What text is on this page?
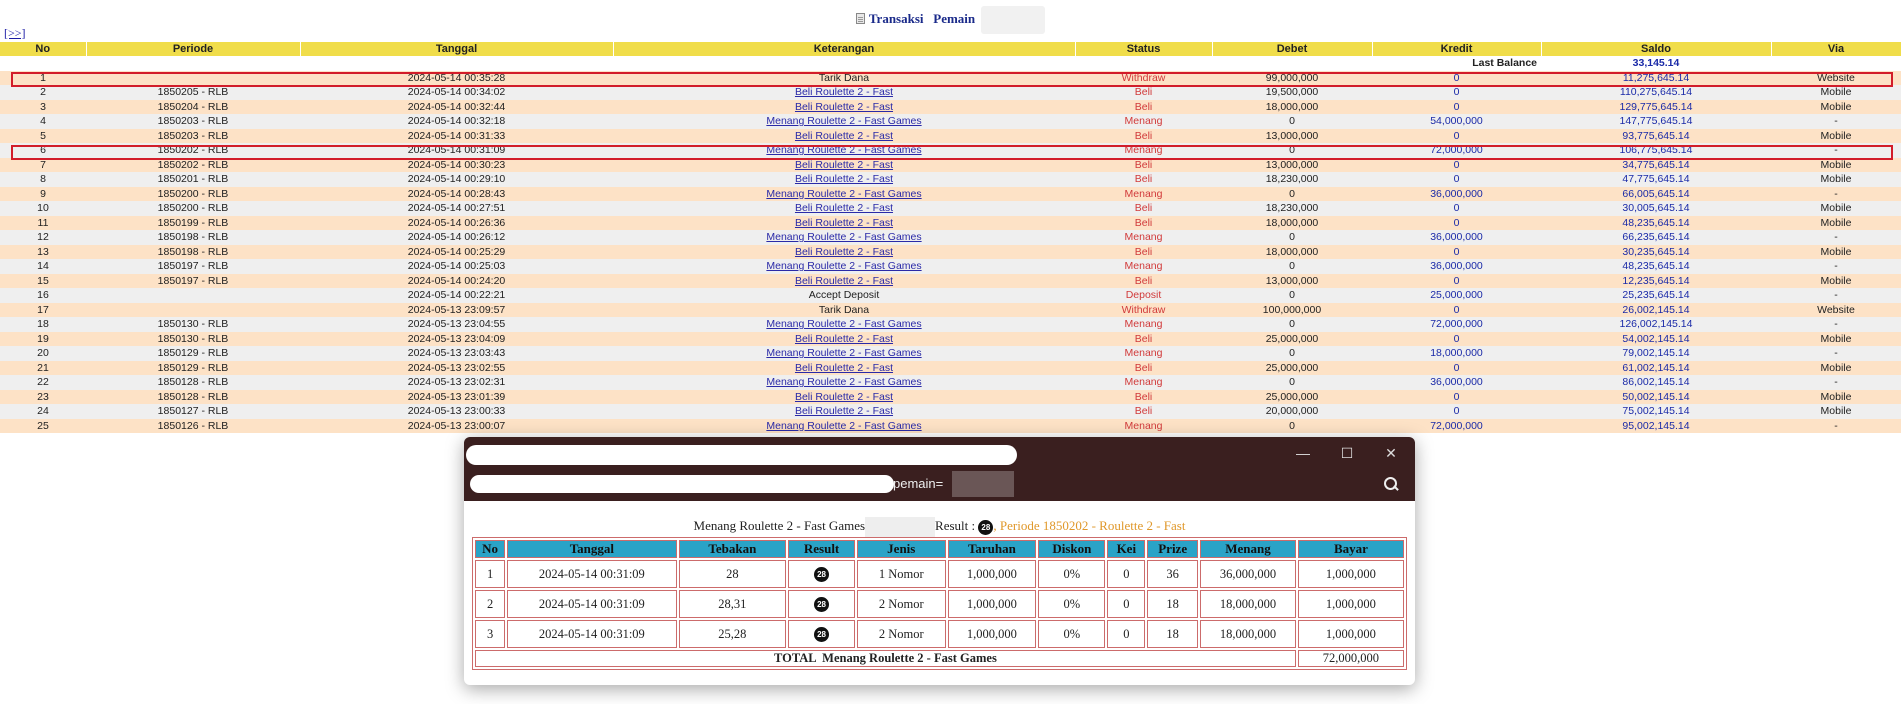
Transaksi Pemain
[>>]
No	Periode	Tanggal	Keterangan	Status	Debet	Kredit	Saldo	Via
Last Balance							33,145.14	
1		2024-05-14 00:35:28	Tarik Dana	Withdraw	99,000,000	0	11,275,645.14	Website
2	1850205 - RLB	2024-05-14 00:34:02	Beli Roulette 2 - Fast	Beli	19,500,000	0	110,275,645.14	Mobile
3	1850204 - RLB	2024-05-14 00:32:44	Beli Roulette 2 - Fast	Beli	18,000,000	0	129,775,645.14	Mobile
4	1850203 - RLB	2024-05-14 00:32:18	Menang Roulette 2 - Fast Games	Menang	0	54,000,000	147,775,645.14	-
5	1850203 - RLB	2024-05-14 00:31:33	Beli Roulette 2 - Fast	Beli	13,000,000	0	93,775,645.14	Mobile
6	1850202 - RLB	2024-05-14 00:31:09	Menang Roulette 2 - Fast Games	Menang	0	72,000,000	106,775,645.14	-
7	1850202 - RLB	2024-05-14 00:30:23	Beli Roulette 2 - Fast	Beli	13,000,000	0	34,775,645.14	Mobile
8	1850201 - RLB	2024-05-14 00:29:10	Beli Roulette 2 - Fast	Beli	18,230,000	0	47,775,645.14	Mobile
9	1850200 - RLB	2024-05-14 00:28:43	Menang Roulette 2 - Fast Games	Menang	0	36,000,000	66,005,645.14	-
10	1850200 - RLB	2024-05-14 00:27:51	Beli Roulette 2 - Fast	Beli	18,230,000	0	30,005,645.14	Mobile
11	1850199 - RLB	2024-05-14 00:26:36	Beli Roulette 2 - Fast	Beli	18,000,000	0	48,235,645.14	Mobile
12	1850198 - RLB	2024-05-14 00:26:12	Menang Roulette 2 - Fast Games	Menang	0	36,000,000	66,235,645.14	-
13	1850198 - RLB	2024-05-14 00:25:29	Beli Roulette 2 - Fast	Beli	18,000,000	0	30,235,645.14	Mobile
14	1850197 - RLB	2024-05-14 00:25:03	Menang Roulette 2 - Fast Games	Menang	0	36,000,000	48,235,645.14	-
15	1850197 - RLB	2024-05-14 00:24:20	Beli Roulette 2 - Fast	Beli	13,000,000	0	12,235,645.14	Mobile
16		2024-05-14 00:22:21	Accept Deposit	Deposit	0	25,000,000	25,235,645.14	-
17		2024-05-13 23:09:57	Tarik Dana	Withdraw	100,000,000	0	26,002,145.14	Website
18	1850130 - RLB	2024-05-13 23:04:55	Menang Roulette 2 - Fast Games	Menang	0	72,000,000	126,002,145.14	-
19	1850130 - RLB	2024-05-13 23:04:09	Beli Roulette 2 - Fast	Beli	25,000,000	0	54,002,145.14	Mobile
20	1850129 - RLB	2024-05-13 23:03:43	Menang Roulette 2 - Fast Games	Menang	0	18,000,000	79,002,145.14	-
21	1850129 - RLB	2024-05-13 23:02:55	Beli Roulette 2 - Fast	Beli	25,000,000	0	61,002,145.14	Mobile
22	1850128 - RLB	2024-05-13 23:02:31	Menang Roulette 2 - Fast Games	Menang	0	36,000,000	86,002,145.14	-
23	1850128 - RLB	2024-05-13 23:01:39	Beli Roulette 2 - Fast	Beli	25,000,000	0	50,002,145.14	Mobile
24	1850127 - RLB	2024-05-13 23:00:33	Beli Roulette 2 - Fast	Beli	20,000,000	0	75,002,145.14	Mobile
25	1850126 - RLB	2024-05-13 23:00:07	Menang Roulette 2 - Fast Games	Menang	0	72,000,000	95,002,145.14	-
—	☐	✕
pemain=
Menang Roulette 2 - Fast Games	Result : 28 , Periode 1850202 - Roulette 2 - Fast
No	Tanggal	Tebakan	Result	Jenis	Taruhan	Diskon	Kei	Prize	Menang	Bayar
1	2024-05-14 00:31:09	28	28	1 Nomor	1,000,000	0%	0	36	36,000,000	1,000,000
2	2024-05-14 00:31:09	28,31	28	2 Nomor	1,000,000	0%	0	18	18,000,000	1,000,000
3	2024-05-14 00:31:09	25,28	28	2 Nomor	1,000,000	0%	0	18	18,000,000	1,000,000
TOTAL  Menang Roulette 2 - Fast Games										72,000,000
